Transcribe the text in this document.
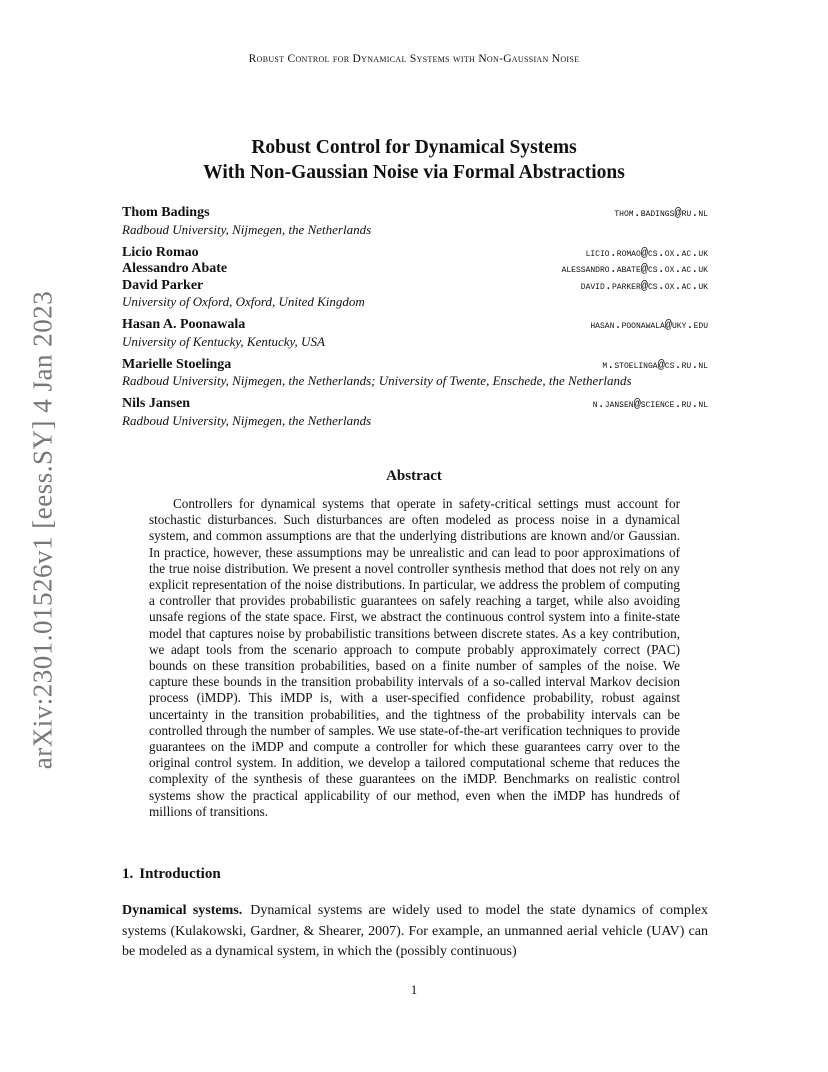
Robust Control for Dynamical Systems with Non-Gaussian Noise
arXiv:2301.01526v1 [eess.SY] 4 Jan 2023
Robust Control for Dynamical Systems
With Non-Gaussian Noise via Formal Abstractions
Thom Badings	thom.badings@ru.nl
Radboud University, Nijmegen, the Netherlands
Licio Romao	licio.romao@cs.ox.ac.uk
Alessandro Abate	alessandro.abate@cs.ox.ac.uk
David Parker	david.parker@cs.ox.ac.uk
University of Oxford, Oxford, United Kingdom
Hasan A. Poonawala	hasan.poonawala@uky.edu
University of Kentucky, Kentucky, USA
Marielle Stoelinga	m.stoelinga@cs.ru.nl
Radboud University, Nijmegen, the Netherlands; University of Twente, Enschede, the Netherlands
Nils Jansen	n.jansen@science.ru.nl
Radboud University, Nijmegen, the Netherlands
Abstract

Controllers for dynamical systems that operate in safety-critical settings must account for stochastic disturbances. Such disturbances are often modeled as process noise in a dynamical system, and common assumptions are that the underlying distributions are known and/or Gaussian. In practice, however, these assumptions may be unrealistic and can lead to poor approximations of the true noise distribution. We present a novel controller synthesis method that does not rely on any explicit representation of the noise distributions. In particular, we address the problem of computing a controller that provides probabilistic guarantees on safely reaching a target, while also avoiding unsafe regions of the state space. First, we abstract the continuous control system into a finite-state model that captures noise by probabilistic transitions between discrete states. As a key contribution, we adapt tools from the scenario approach to compute probably approximately correct (PAC) bounds on these transition probabilities, based on a finite number of samples of the noise. We capture these bounds in the transition probability intervals of a so-called interval Markov decision process (iMDP). This iMDP is, with a user-specified confidence probability, robust against uncertainty in the transition probabilities, and the tightness of the probability intervals can be controlled through the number of samples. We use state-of-the-art verification techniques to provide guarantees on the iMDP and compute a controller for which these guarantees carry over to the original control system. In addition, we develop a tailored computational scheme that reduces the complexity of the synthesis of these guarantees on the iMDP. Benchmarks on realistic control systems show the practical applicability of our method, even when the iMDP has hundreds of millions of transitions.

1. Introduction

Dynamical systems. Dynamical systems are widely used to model the state dynamics of complex systems (Kulakowski, Gardner, & Shearer, 2007). For example, an unmanned aerial vehicle (UAV) can be modeled as a dynamical system, in which the (possibly continuous)

1
